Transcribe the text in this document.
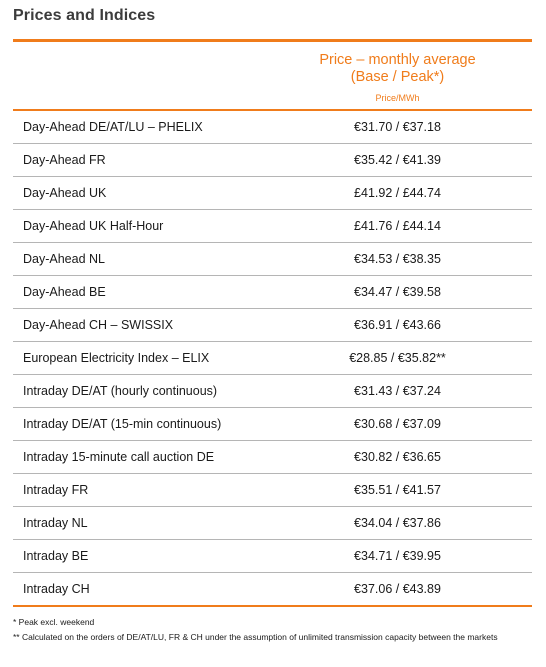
Prices and Indices
Price – monthly average
(Base / Peak*)
Price/MWh
Day-Ahead DE/AT/LU – PHELIX	€31.70 / €37.18
Day-Ahead FR	€35.42 / €41.39
Day-Ahead UK	£41.92 / £44.74
Day-Ahead UK Half-Hour	£41.76 / £44.14
Day-Ahead NL	€34.53 / €38.35
Day-Ahead BE	€34.47 / €39.58
Day-Ahead CH – SWISSIX	€36.91 / €43.66
European Electricity Index – ELIX	€28.85 / €35.82**
Intraday DE/AT (hourly continuous)	€31.43 / €37.24
Intraday DE/AT (15-min continuous)	€30.68 / €37.09
Intraday 15-minute call auction DE	€30.82 / €36.65
Intraday FR	€35.51 / €41.57
Intraday NL	€34.04 / €37.86
Intraday BE	€34.71 / €39.95
Intraday CH	€37.06 / €43.89
* Peak excl. weekend
** Calculated on the orders of DE/AT/LU, FR & CH under the assumption of unlimited transmission capacity between the markets
